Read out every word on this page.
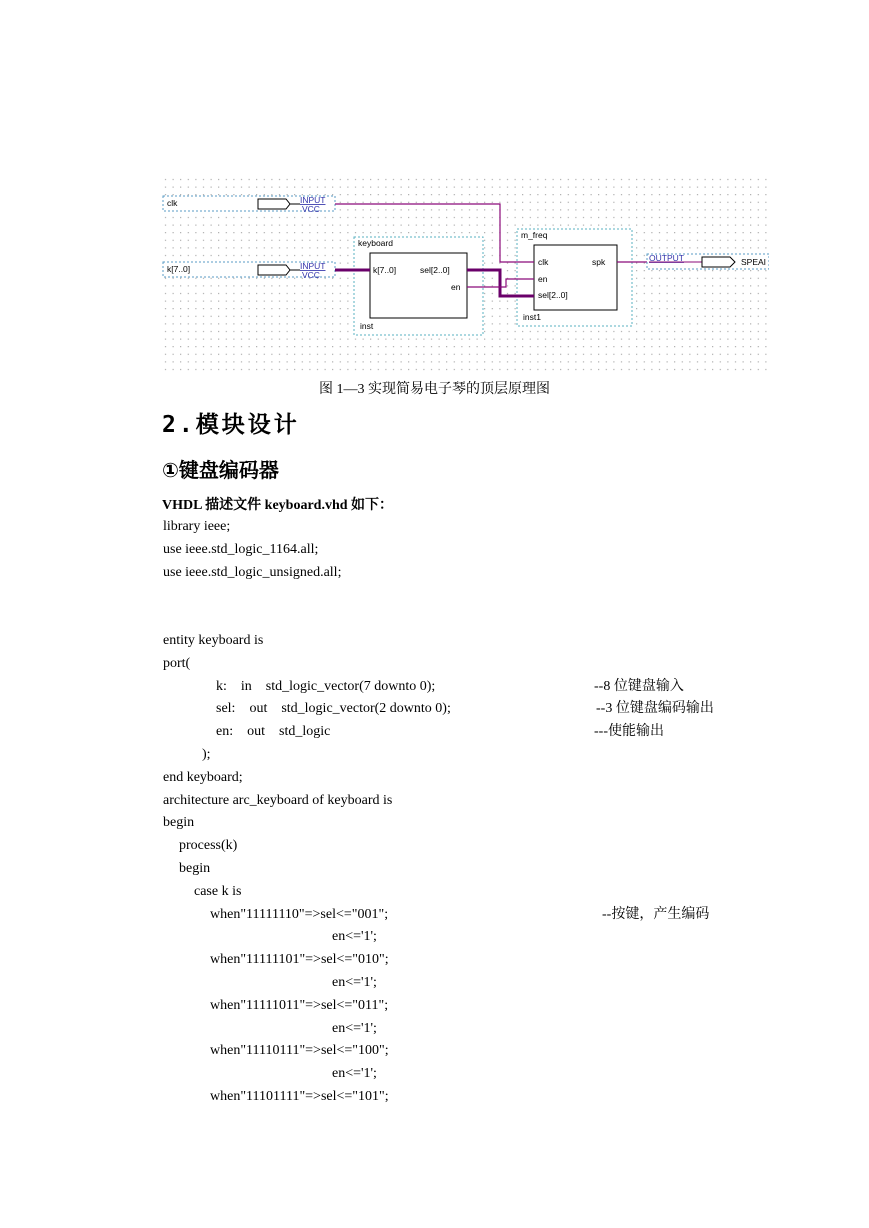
clk	INPUT
VCC
k[7..0]	INPUT
VCC
keyboard
k[7..0]	sel[2..0]
en
inst
m_freq
clk	spk
en
sel[2..0]
inst1
OUTPUT	SPEAI
图 1—3 实现简易电子琴的顶层原理图
2.模块设计
①键盘编码器
VHDL 描述文件 keyboard.vhd 如下：
library ieee;
use ieee.std_logic_1164.all;
use ieee.std_logic_unsigned.all;
entity keyboard is
port(
k:    in    std_logic_vector(7 downto 0);	--8 位键盘输入
sel:    out    std_logic_vector(2 downto 0);	--3 位键盘编码输出
en:    out    std_logic	---使能输出
);
end keyboard;
architecture arc_keyboard of keyboard is
begin
process(k)
begin
case k is
when"11111110"=>sel<="001";	--按键，产生编码
en<='1';
when"11111101"=>sel<="010";
en<='1';
when"11111011"=>sel<="011";
en<='1';
when"11110111"=>sel<="100";
en<='1';
when"11101111"=>sel<="101";
